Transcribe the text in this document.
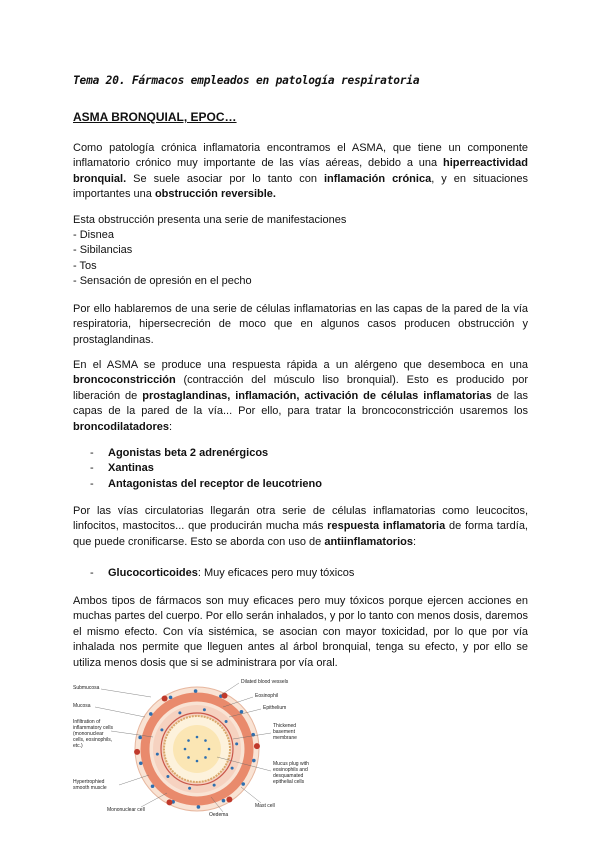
Tema 20. Fármacos empleados en patología respiratoria
ASMA BRONQUIAL, EPOC…

Como patología crónica inflamatoria encontramos el ASMA, que tiene un componente inflamatorio crónico muy importante de las vías aéreas, debido a una hiperreactividad bronquial. Se suele asociar por lo tanto con inflamación crónica, y en situaciones importantes una obstrucción reversible.

Esta obstrucción presenta una serie de manifestaciones
- Disnea
- Sibilancias
- Tos
- Sensación de opresión en el pecho

Por ello hablaremos de una serie de células inflamatorias en las capas de la pared de la vía respiratoria, hipersecreción de moco que en algunos casos producen obstrucción y prostaglandinas.

En el ASMA se produce una respuesta rápida a un alérgeno que desemboca en una broncoconstricción (contracción del músculo liso bronquial). Esto es producido por liberación de prostaglandinas, inflamación, activación de células inflamatorias de las capas de la pared de la vía... Por ello, para tratar la broncoconstricción usaremos los broncodilatadores:

- Agonistas beta 2 adrenérgicos
- Xantinas
- Antagonistas del receptor de leucotrieno

Por las vías circulatorias llegarán otra serie de células inflamatorias como leucocitos, linfocitos, mastocitos... que producirán mucha más respuesta inflamatoria de forma tardía, que puede cronificarse. Esto se aborda con uso de antiinflamatorios:

- Glucocorticoides: Muy eficaces pero muy tóxicos

Ambos tipos de fármacos son muy eficaces pero muy tóxicos porque ejercen acciones en muchas partes del cuerpo. Por ello serán inhalados, y por lo tanto con menos dosis, daremos el mismo efecto. Con vía sistémica, se asocian con mayor toxicidad, por lo que por vía inhalada nos permite que lleguen antes al árbol bronquial, tenga su efecto, y por ello se utiliza menos dosis que si se administrara por vía oral.

Submucosa
Mucosa
Infiltration of
inflammatory cells
(mononuclear
cells, eosinophils,
etc.)
Hypertrophied
smooth muscle
Mononuclear cell
Oedema
Mast cell
Dilated blood vessels
Eosinophil
Epithelium
Thickened
basement
membrane
Mucus plug with
eosinophils and
desquamated
epithelial cells
